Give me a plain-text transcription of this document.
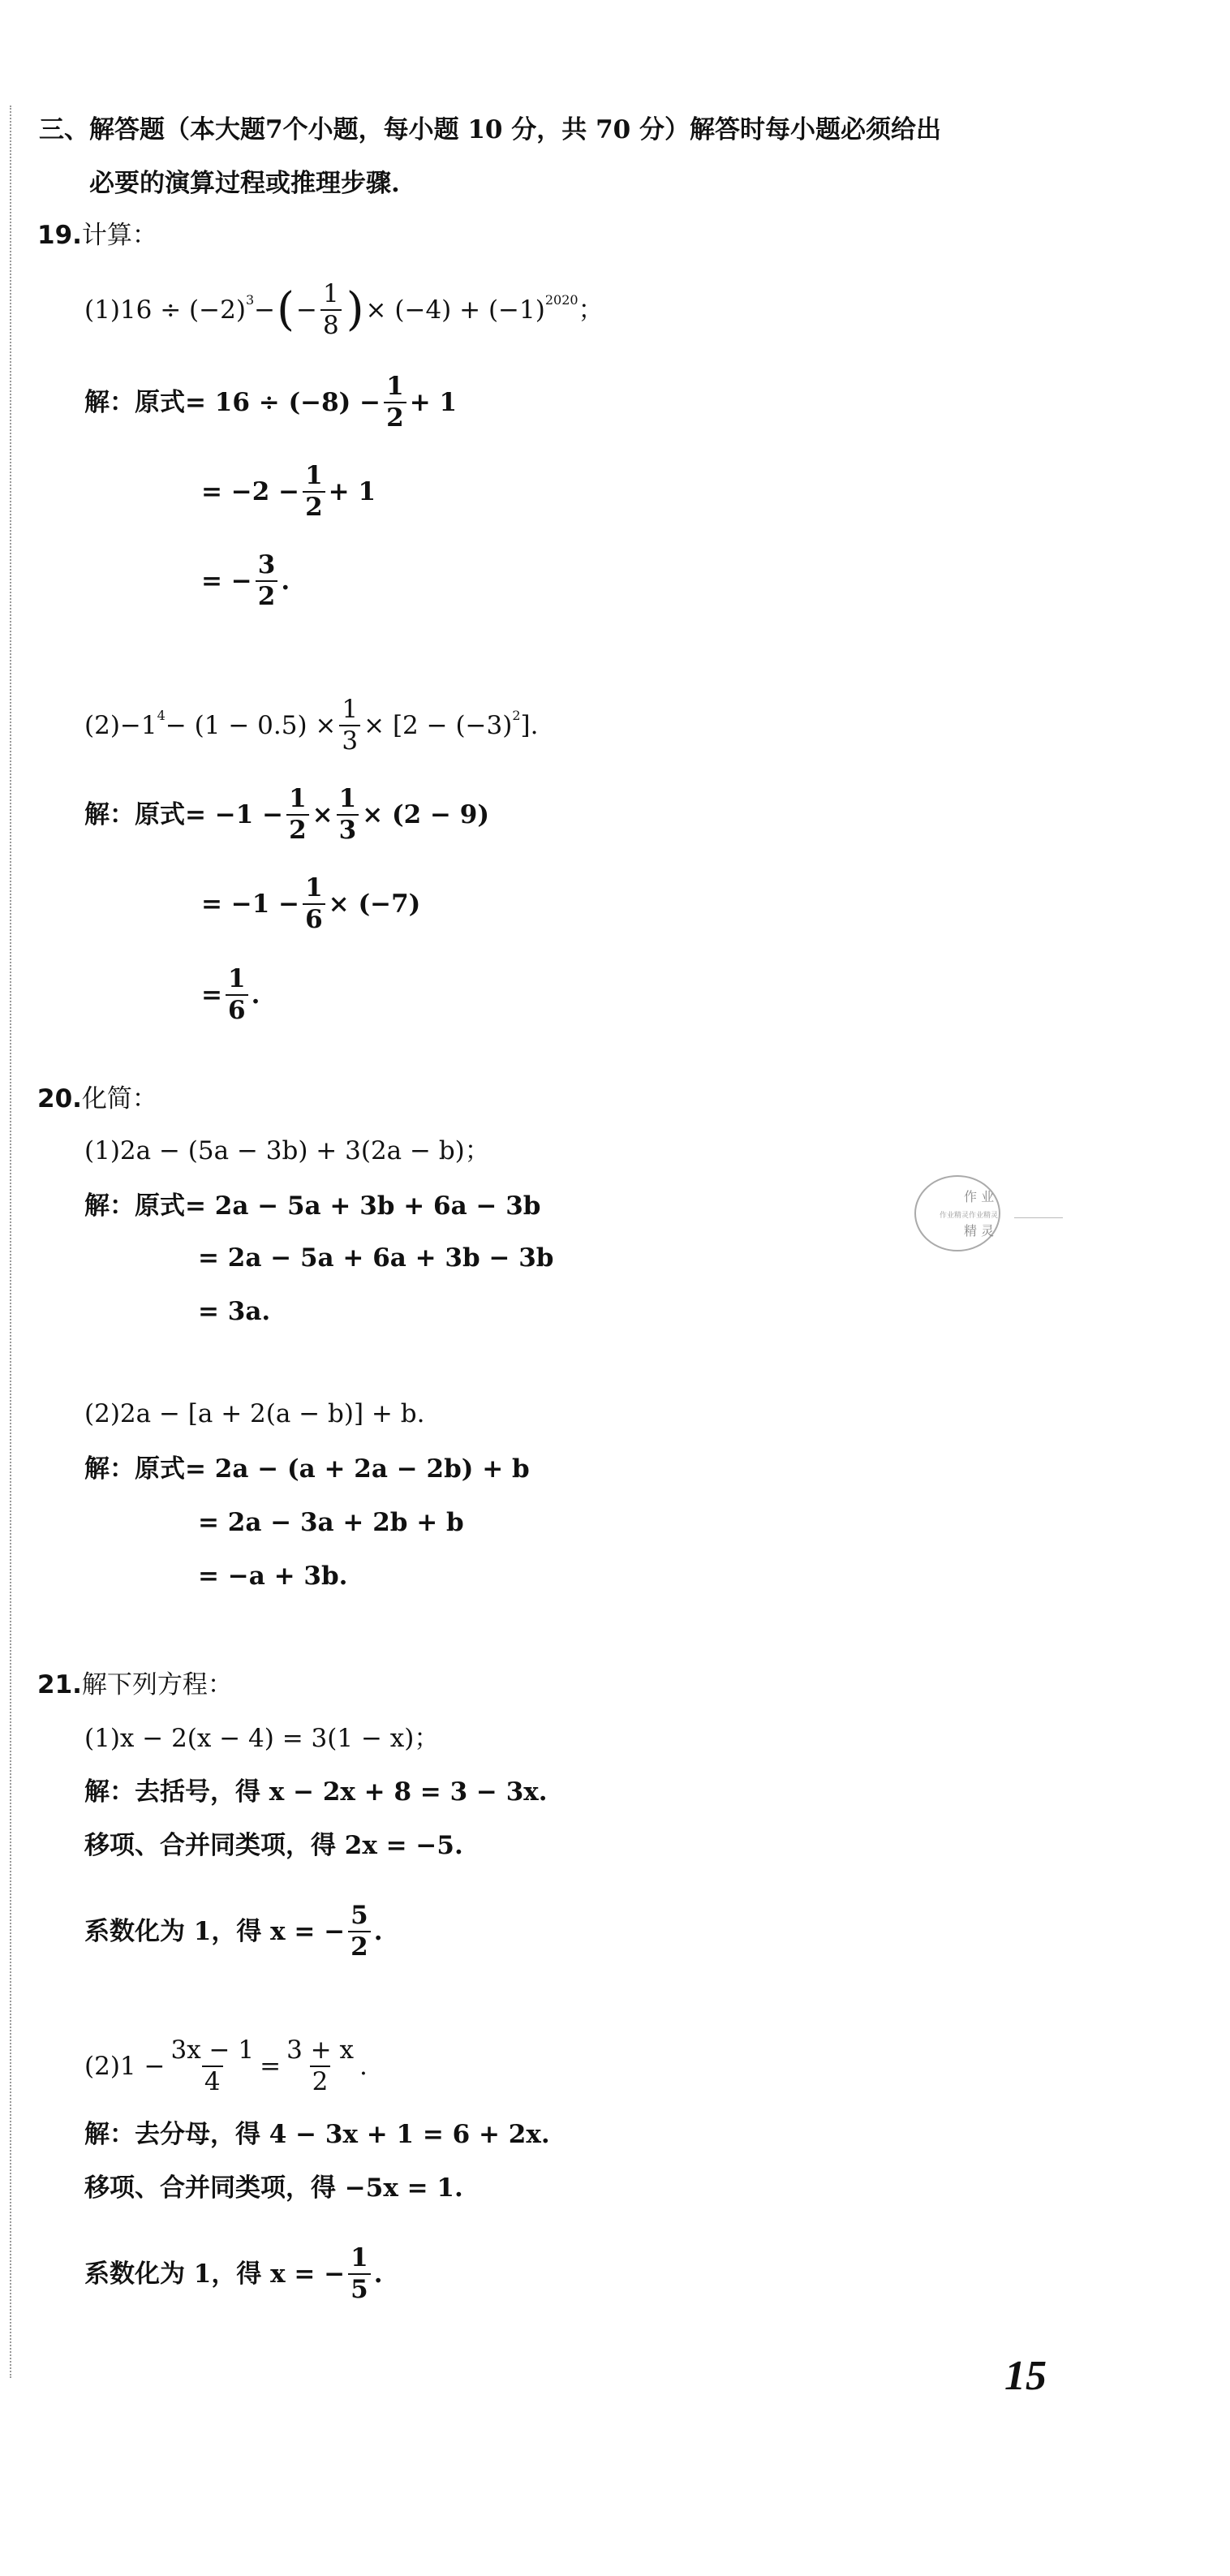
三、解答题（本大题7个小题，每小题 10 分，共 70 分）解答时每小题必须给出
必要的演算过程或推理步骤.
19. 计算：
(1) $16 \div (-2)^3$ − ( − $\frac{1}{8}$ ) × $(-4) + (-1)^{2020}$ ；
解：原式 = $16 \div (-8) - \frac{1}{2} + 1$
= $-2 - \frac{1}{2} + 1$
= − $\frac{3}{2}$ .
$(2) -1^4 - (1 - 0.5) \times \frac{1}{3} \times [2 - (-3)^2$ ].
解：原式 = $-1 - \frac{1}{2} \times \frac{1}{3} \times (2 - 9)$
= $-1 - \frac{1}{6} \times (-7)$
= $\frac{1}{6}$ .
20. 化简：
(1)2a − (5a − 3b) + 3(2a − b)；
解：原式 = 2a − 5a + 3b + 6a − 3b
= 2a − 5a + 6a + 3b − 3b
= 3a.
(2)2a − [a + 2(a − b)] + b.
解：原式 = 2a − (a + 2a − 2b) + b
= 2a − 3a + 2b + b
= −a + 3b.
作 业
作业精灵作业精灵
精 灵
21. 解下列方程：
(1)x − 2(x − 4) = 3(1 − x)；
解：去括号，得 x − 2x + 8 = 3 − 3x.
移项、合并同类项，得 2x = −5.
系数化为 1，得 x = − $\frac{5}{2}$ .
$(2)1 - \frac{3x - 1}{4} = \frac{3 + x}{2}$ .
解：去分母，得 4 − 3x + 1 = 6 + 2x.
移项、合并同类项，得 −5x = 1.
系数化为 1，得 x = − $\frac{1}{5}$ .
15
